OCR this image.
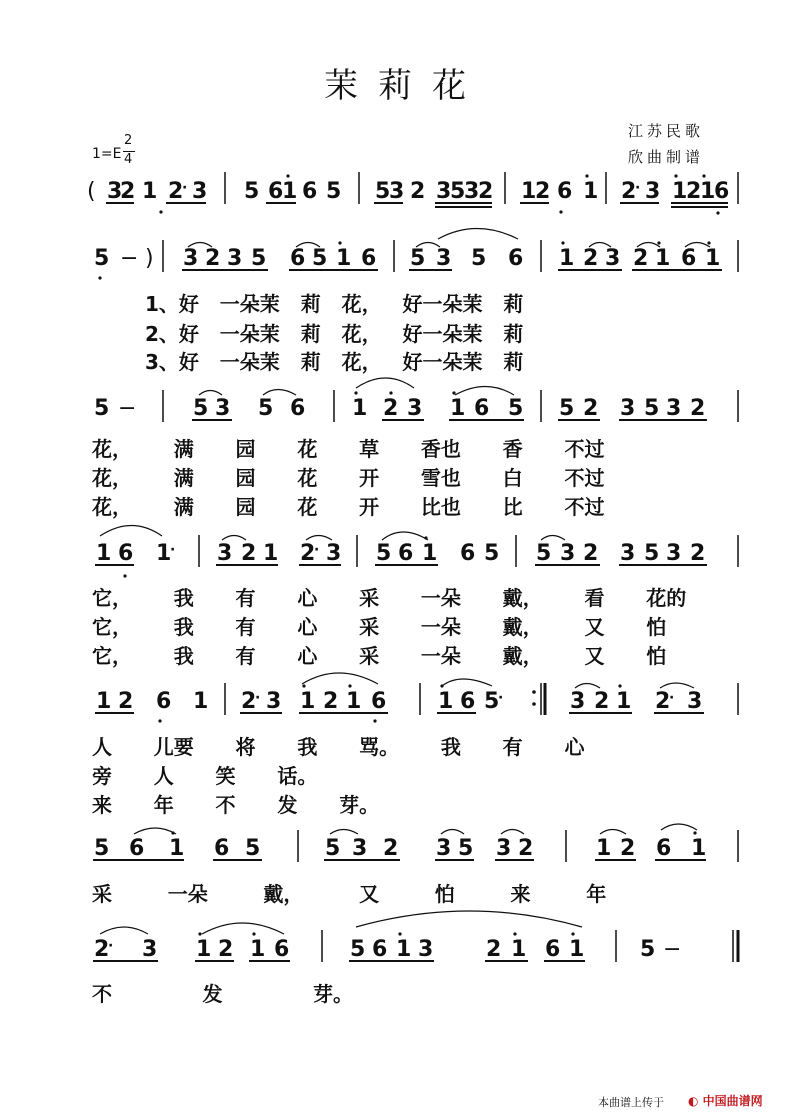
茉莉花
江苏民歌
欣曲制谱
1=E
2
4
( 3
2 1 2
· 3 5 6
1 6 5 5
3 2 3
5
3
2 1
2 6 1 2
· 3 1
2
1
6
5 − ) 3 2 3 5 6 5 1 6 5 3 5 6 1 2 3 2 1 6 1
5 −	5 3 5 6 1 2 3 1 6 5 5 2 3 5 3 2
1 6 1
· 3 2 1 2
· 3 5 6 1 6 5 5 3 2 3 5 3 2
1 2 6 1 2
· 3 1 2 1 6 1 6 5
·	3 2 1 2
· 3
5 6 1 6 5	5 3 2 3 5 3 2	1 2 6 1
2
· 3 1 2 1 6	5 6 1 3 2 1 6 1	5 −
1、好   一朵茉   莉   花，   好一朵茉   莉
2、好   一朵茉   莉   花，   好一朵茉   莉
3、好   一朵茉   莉   花，   好一朵茉   莉
花，      满      园      花      草      香也      香      不过
花，      满      园      花      开      雪也      白      不过
花，      满      园      花      开      比也      比      不过
它，      我      有      心      采      一朵      戴，      看      花的
它，      我      有      心      采      一朵      戴，      又      怕
它，      我      有      心      采      一朵      戴，      又      怕
人      儿要      将      我      骂。      我      有      心
旁      人      笑      话。
来      年      不      发      芽。
采        一朵        戴，        又        怕        来        年
不             发             芽。
本曲谱上传于 ◐ 中国曲谱网
